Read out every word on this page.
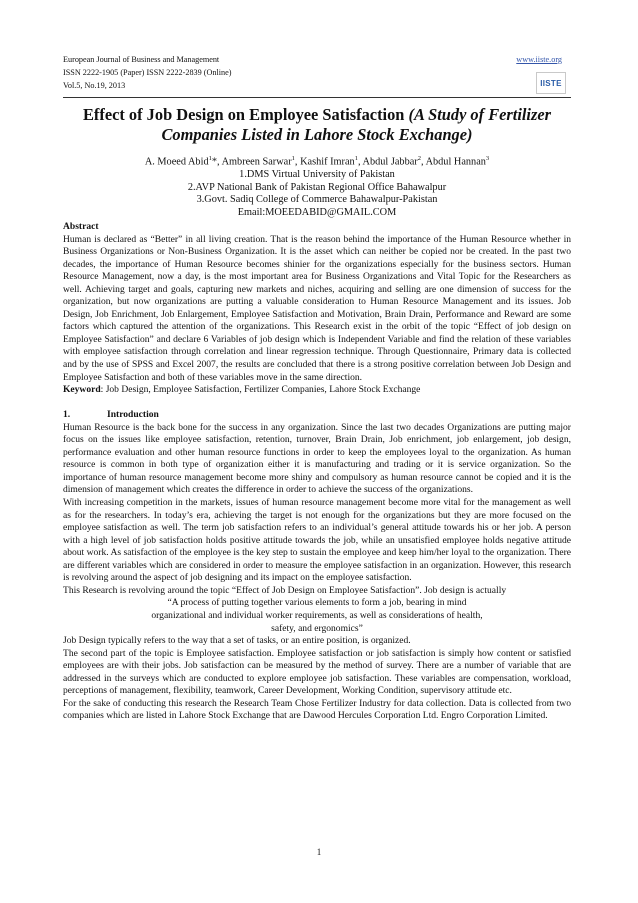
European Journal of Business and Management	www.iiste.org
ISSN 2222-1905 (Paper) ISSN 2222-2839 (Online)
Vol.5, No.19, 2013	IISTE
Effect of Job Design on Employee Satisfaction (A Study of Fertilizer Companies Listed in Lahore Stock Exchange)
A. Moeed Abid$^1$*, Ambreen Sarwar$^1$, Kashif Imran$^1$, Abdul Jabbar$^2$, Abdul Hannan$^3$
1.DMS Virtual University of Pakistan
2.AVP National Bank of Pakistan Regional Office Bahawalpur
3.Govt. Sadiq College of Commerce Bahawalpur-Pakistan
Email:MOEEDABID@GMAIL.COM

Abstract

Human is declared as “Better” in all living creation. That is the reason behind the importance of the Human Resource whether in Business Organizations or Non-Business Organization. It is the asset which can neither be copied nor be created. In the past two decades, the importance of Human Resource becomes shinier for the organizations especially for the business sectors. Human Resource Management, now a day, is the most important area for Business Organizations and Vital Topic for the Researchers as well. Achieving target and goals, capturing new markets and niches, acquiring and selling are one dimension of success for the organization, but now organizations are putting a valuable consideration to Human Resource Management and its issues. Job Design, Job Enrichment, Job Enlargement, Employee Satisfaction and Motivation, Brain Drain, Performance and Reward are some factors which captured the attention of the organizations. This Research exist in the orbit of the topic “Effect of job design on Employee Satisfaction” and declare 6 Variables of job design which is Independent Variable and find the relation of these variables with employee satisfaction through correlation and linear regression technique. Through Questionnaire, Primary data is collected and by the use of SPSS and Excel 2007, the results are concluded that there is a strong positive correlation between Job Design and Employee Satisfaction and both of these variables move in the same direction.

Keyword: Job Design, Employee Satisfaction, Fertilizer Companies, Lahore Stock Exchange

1.	Introduction

Human Resource is the back bone for the success in any organization. Since the last two decades Organizations are putting major focus on the issues like employee satisfaction, retention, turnover, Brain Drain, Job enrichment, job enlargement, job design, performance evaluation and other human resource functions in order to keep the employees loyal to the organization. As human resource is common in both type of organization either it is manufacturing and trading or it is service organization. So the importance of human resource management become more shiny and compulsory as human resource cannot be copied and it is the dimension of management which creates the difference in order to achieve the success of the organizations.

With increasing competition in the markets, issues of human resource management become more vital for the management as well as for the researchers. In today’s era, achieving the target is not enough for the organizations but they are more focused on the employee satisfaction as well. The term job satisfaction refers to an individual’s general attitude towards his or her job. A person with a high level of job satisfaction holds positive attitude towards the job, while an unsatisfied employee holds negative attitude about work. As satisfaction of the employee is the key step to sustain the employee and keep him/her loyal to the organization. There are different variables which are considered in order to measure the employee satisfaction in an organization. However, this research is revolving around the aspect of job designing and its impact on the employee satisfaction.

This Research is revolving around the topic “Effect of Job Design on Employee Satisfaction”. Job design is actually

“A process of putting together various elements to form a job, bearing in mind

organizational and individual worker requirements, as well as considerations of health,

safety, and ergonomics”

Job Design typically refers to the way that a set of tasks, or an entire position, is organized.

The second part of the topic is Employee satisfaction. Employee satisfaction or job satisfaction is simply how content or satisfied employees are with their jobs. Job satisfaction can be measured by the method of survey. There are a number of variable that are addressed in the surveys which are conducted to explore employee job satisfaction. These variables are compensation, workload, perceptions of management, flexibility, teamwork, Career Development, Working Condition, supervisory attitude etc.

For the sake of conducting this research the Research Team Chose Fertilizer Industry for data collection. Data is collected from two companies which are listed in Lahore Stock Exchange that are Dawood Hercules Corporation Ltd. Engro Corporation Limited.

1
